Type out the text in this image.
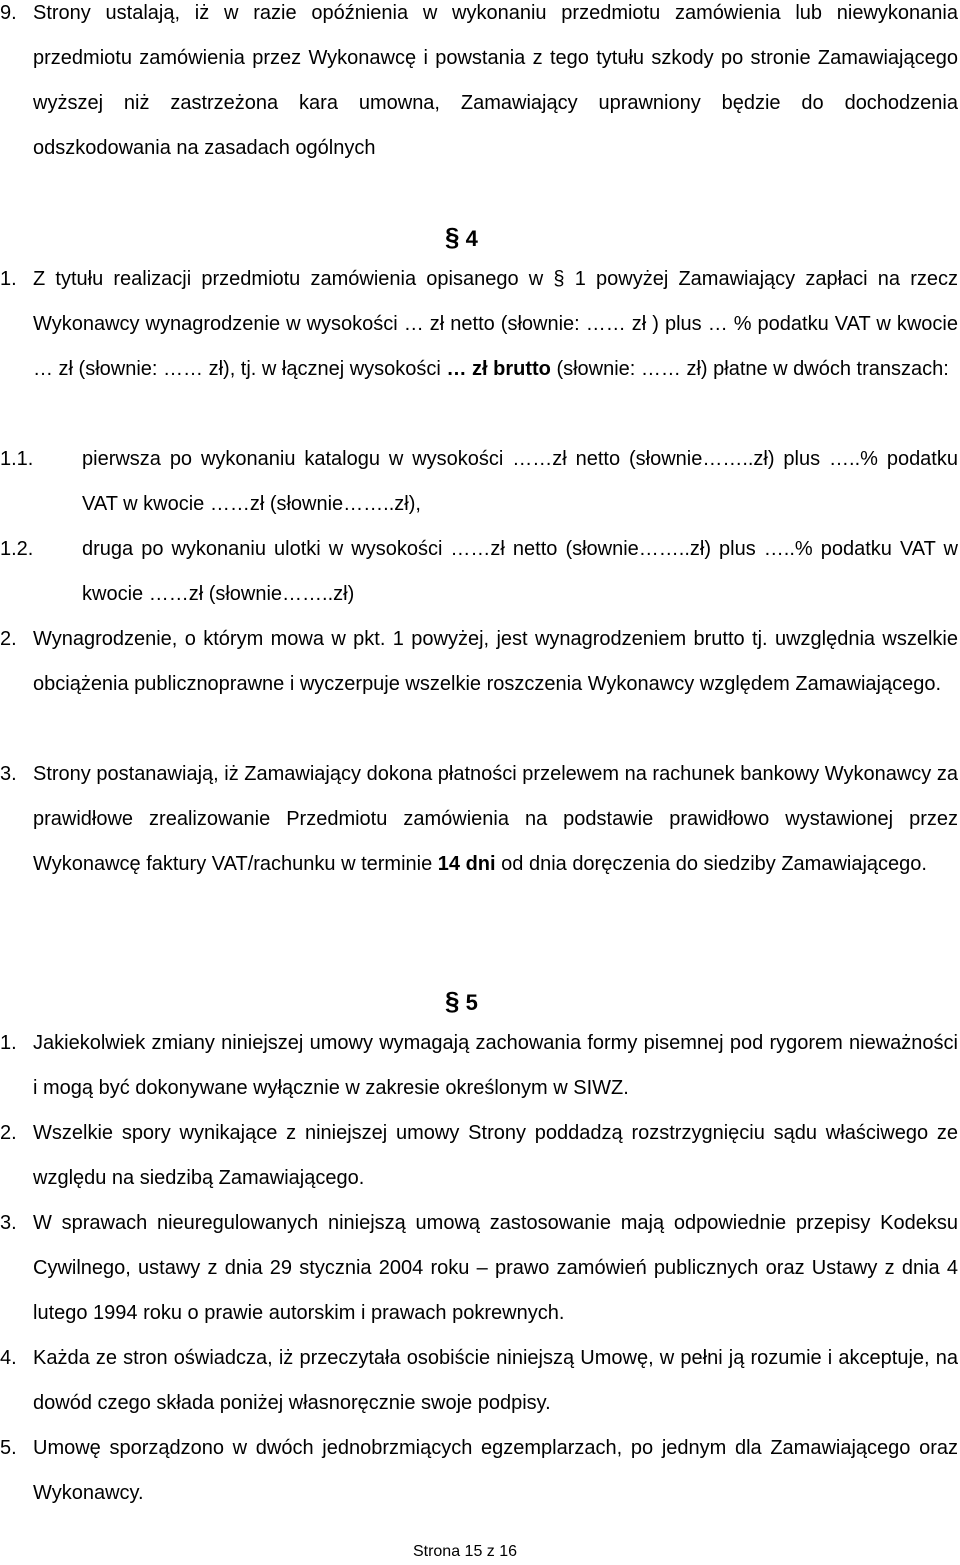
9. Strony ustalają, iż w razie opóźnienia w wykonaniu przedmiotu zamówienia lub niewykonania przedmiotu zamówienia przez Wykonawcę i powstania z tego tytułu szkody po stronie Zamawiającego wyższej niż zastrzeżona kara umowna, Zamawiający uprawniony będzie do dochodzenia odszkodowania na zasadach ogólnych
§ 4
1. Z tytułu realizacji przedmiotu zamówienia opisanego w § 1 powyżej Zamawiający zapłaci na rzecz Wykonawcy wynagrodzenie w wysokości … zł netto (słownie: …… zł ) plus … % podatku VAT w kwocie … zł (słownie: …… zł), tj. w łącznej wysokości … zł brutto (słownie: …… zł) płatne w dwóch transzach:
1.1. pierwsza po wykonaniu katalogu w wysokości ……zł netto (słownie……..zł) plus …..% podatku VAT w kwocie ……zł (słownie……..zł),
1.2. druga po wykonaniu ulotki w wysokości ……zł netto (słownie……..zł) plus …..% podatku VAT w kwocie ……zł (słownie……..zł)
2. Wynagrodzenie, o którym mowa w pkt. 1 powyżej, jest wynagrodzeniem brutto tj. uwzględnia wszelkie obciążenia publicznoprawne i wyczerpuje wszelkie roszczenia Wykonawcy względem Zamawiającego.
3. Strony postanawiają, iż Zamawiający dokona płatności przelewem na rachunek bankowy Wykonawcy za prawidłowe zrealizowanie Przedmiotu zamówienia na podstawie prawidłowo wystawionej przez Wykonawcę faktury VAT/rachunku w terminie 14 dni od dnia doręczenia do siedziby Zamawiającego.
§ 5
1. Jakiekolwiek zmiany niniejszej umowy wymagają zachowania formy pisemnej pod rygorem nieważności i mogą być dokonywane wyłącznie w zakresie określonym w SIWZ.
2. Wszelkie spory wynikające z niniejszej umowy Strony poddadzą rozstrzygnięciu sądu właściwego ze względu na siedzibą Zamawiającego.
3. W sprawach nieuregulowanych niniejszą umową zastosowanie mają odpowiednie przepisy Kodeksu Cywilnego, ustawy z dnia 29 stycznia 2004 roku – prawo zamówień publicznych oraz Ustawy z dnia 4 lutego 1994 roku o prawie autorskim i prawach pokrewnych.
4. Każda ze stron oświadcza, iż przeczytała osobiście niniejszą Umowę, w pełni ją rozumie i akceptuje, na dowód czego składa poniżej własnoręcznie swoje podpisy.
5. Umowę sporządzono w dwóch jednobrzmiących egzemplarzach, po jednym dla Zamawiającego oraz Wykonawcy.
Strona 15 z 16
